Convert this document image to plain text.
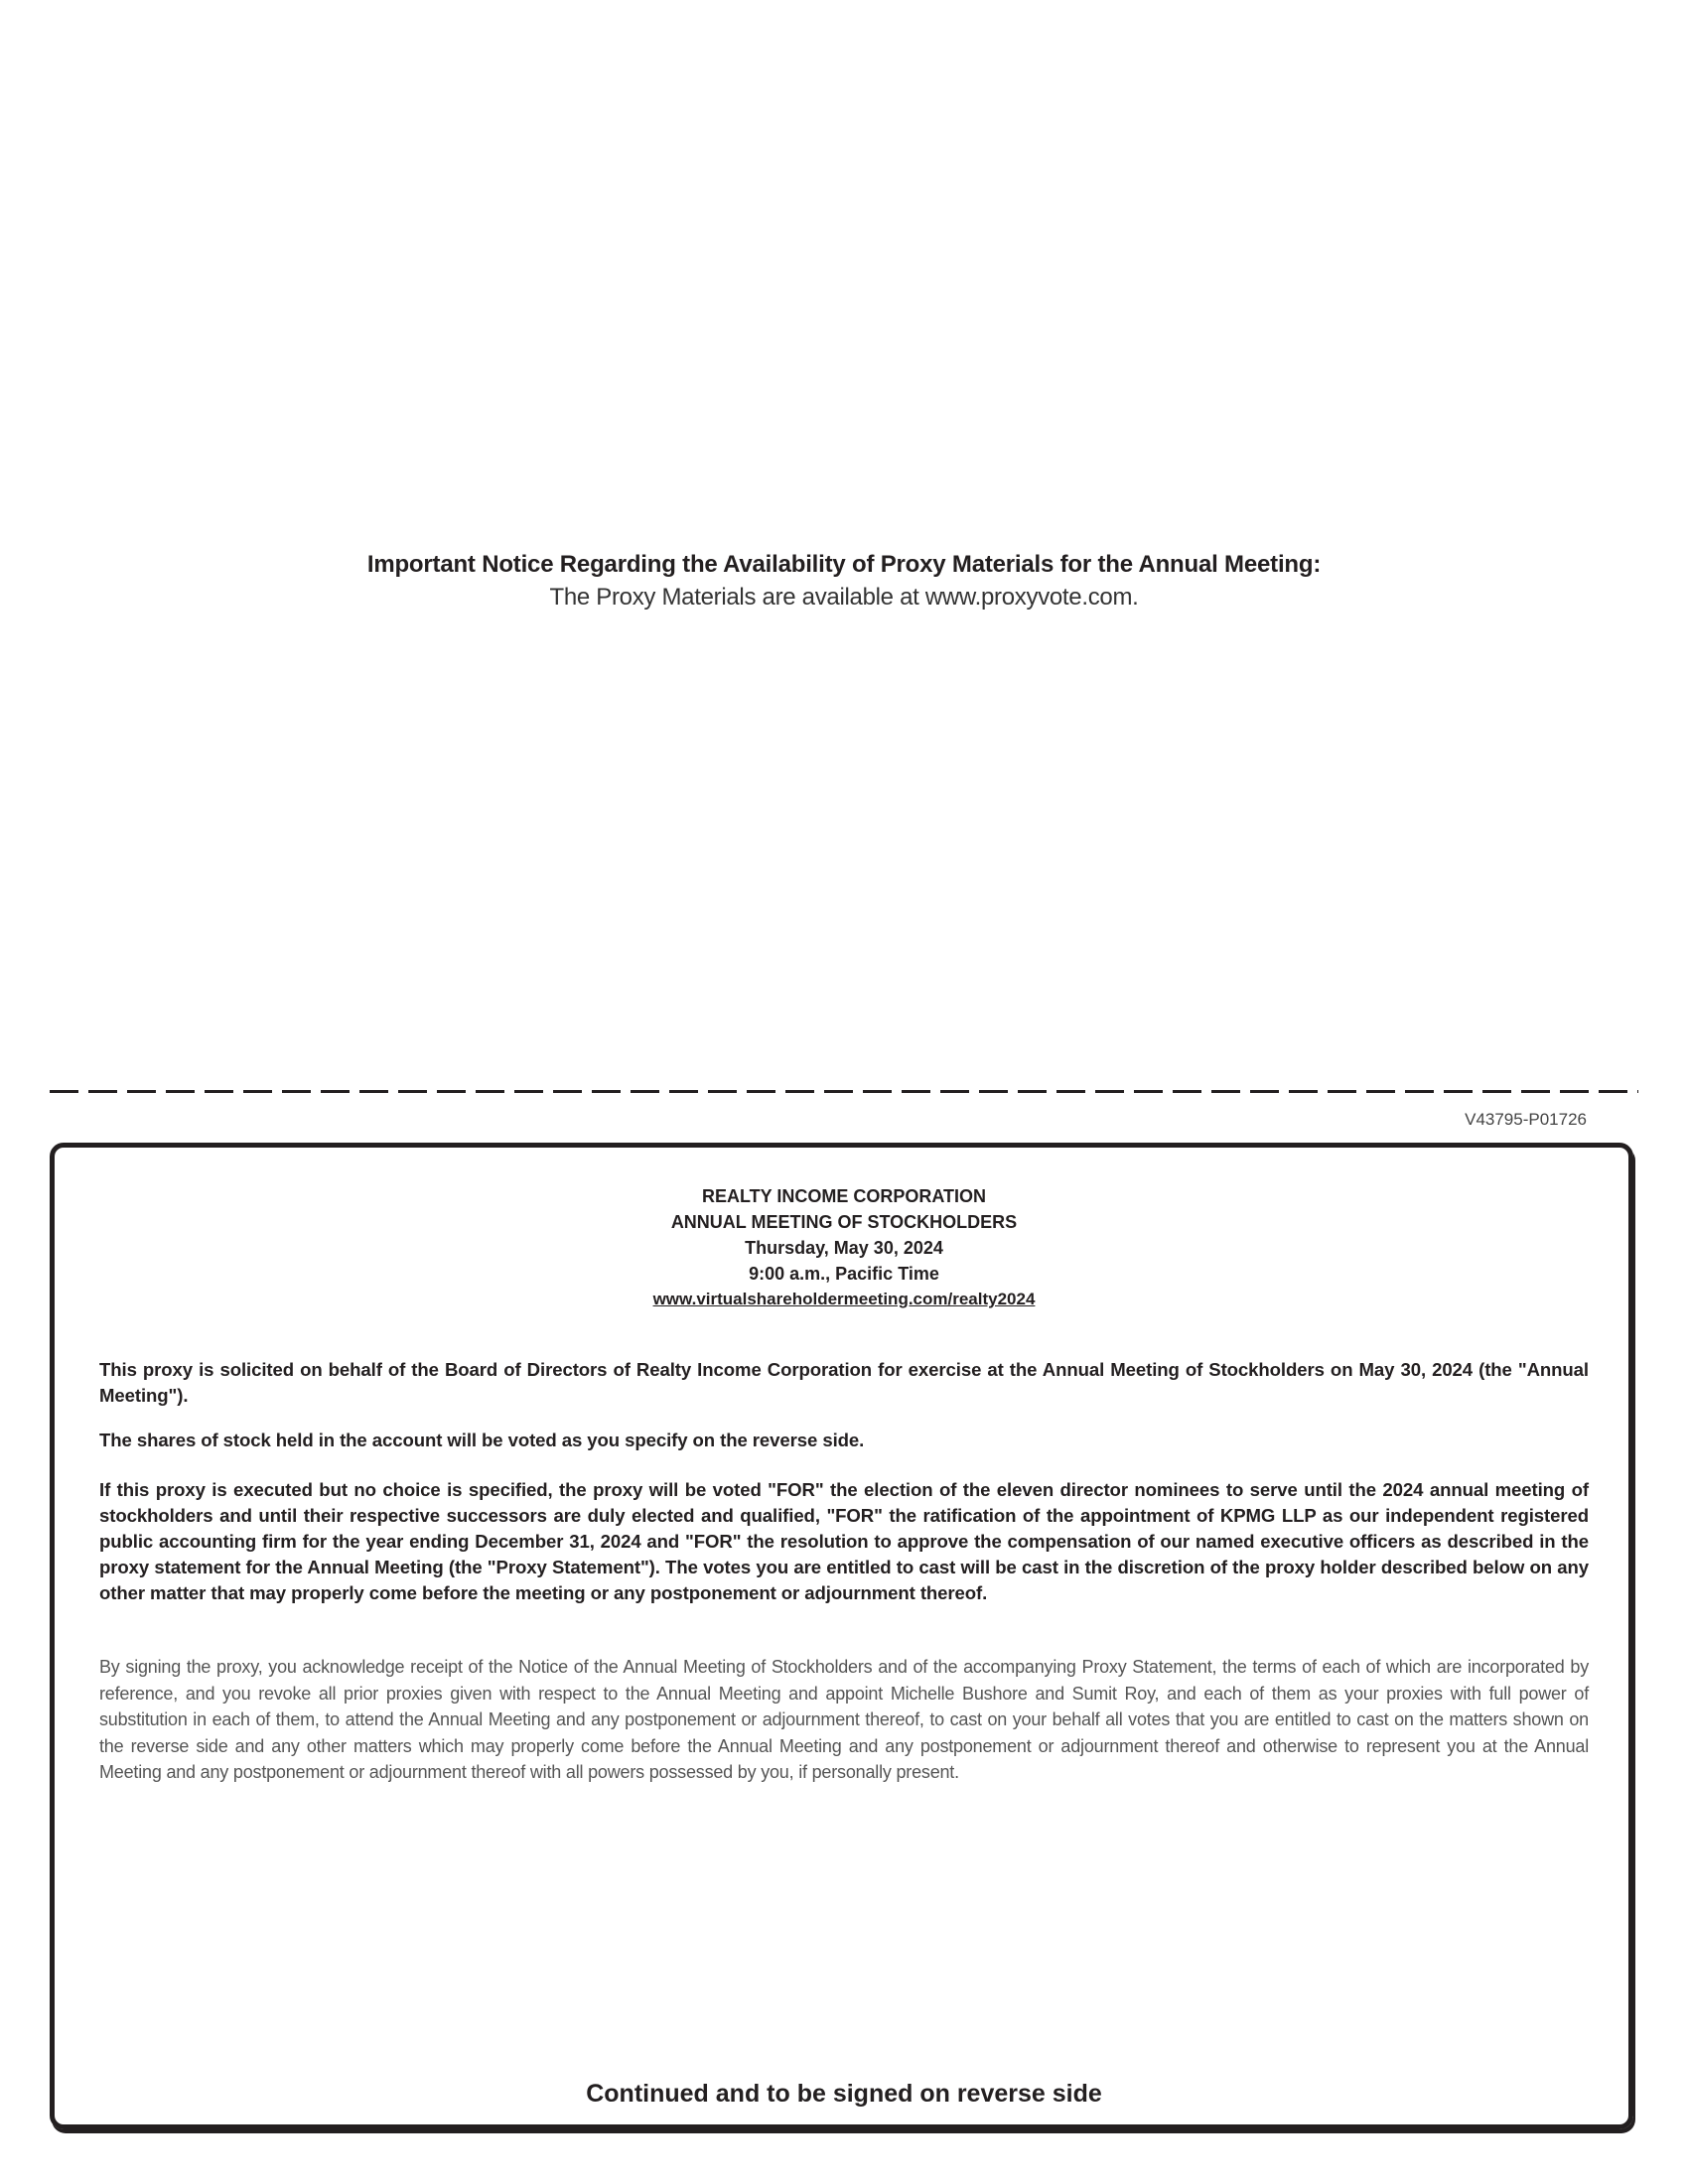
Important Notice Regarding the Availability of Proxy Materials for the Annual Meeting:
The Proxy Materials are available at www.proxyvote.com.
V43795-P01726
REALTY INCOME CORPORATION
ANNUAL MEETING OF STOCKHOLDERS
Thursday, May 30, 2024
9:00 a.m., Pacific Time
www.virtualshareholdermeeting.com/realty2024
This proxy is solicited on behalf of the Board of Directors of Realty Income Corporation for exercise at the Annual Meeting of Stockholders on May 30, 2024 (the "Annual Meeting").
The shares of stock held in the account will be voted as you specify on the reverse side.
If this proxy is executed but no choice is specified, the proxy will be voted "FOR" the election of the eleven director nominees to serve until the 2024 annual meeting of stockholders and until their respective successors are duly elected and qualified, "FOR" the ratification of the appointment of KPMG LLP as our independent registered public accounting firm for the year ending December 31, 2024 and "FOR" the resolution to approve the compensation of our named executive officers as described in the proxy statement for the Annual Meeting (the "Proxy Statement"). The votes you are entitled to cast will be cast in the discretion of the proxy holder described below on any other matter that may properly come before the meeting or any postponement or adjournment thereof.
By signing the proxy, you acknowledge receipt of the Notice of the Annual Meeting of Stockholders and of the accompanying Proxy Statement, the terms of each of which are incorporated by reference, and you revoke all prior proxies given with respect to the Annual Meeting and appoint Michelle Bushore and Sumit Roy, and each of them as your proxies with full power of substitution in each of them, to attend the Annual Meeting and any postponement or adjournment thereof, to cast on your behalf all votes that you are entitled to cast on the matters shown on the reverse side and any other matters which may properly come before the Annual Meeting and any postponement or adjournment thereof and otherwise to represent you at the Annual Meeting and any postponement or adjournment thereof with all powers possessed by you, if personally present.
Continued and to be signed on reverse side
